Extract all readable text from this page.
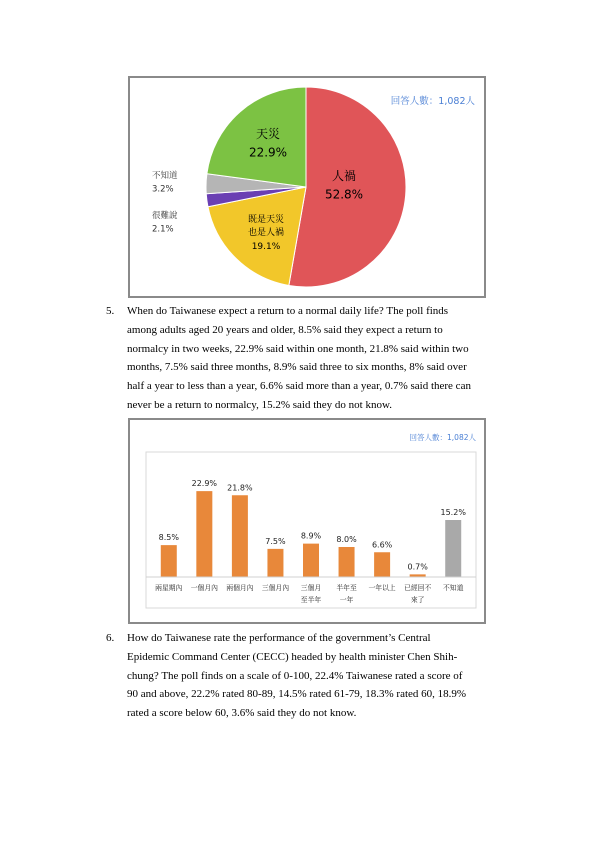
回答人數：1,082人
人禍
52.8%
既是天災
也是人禍
19.1%
很難說
2.1%
不知道
3.2%
天災
22.9%
5. When do Taiwanese expect a return to a normal daily life? The poll finds
among adults aged 20 years and older, 8.5% said they expect a return to
normalcy in two weeks, 22.9% said within one month, 21.8% said within two
months, 7.5% said three months, 8.9% said three to six months, 8% said over
half a year to less than a year, 6.6% said more than a year, 0.7% said there can
never be a return to normalcy, 15.2% said they do not know.
回答人數：1,082人
8.5%
兩星期內
22.9%
一個月內
21.8%
兩個月內
7.5%
三個月內
8.9%
三個月
至半年
8.0%
半年至
一年
6.6%
一年以上
0.7%
已經回不
來了
15.2%
不知道
6. How do Taiwanese rate the performance of the government’s Central
Epidemic Command Center (CECC) headed by health minister Chen Shih-
chung? The poll finds on a scale of 0-100, 22.4% Taiwanese rated a score of
90 and above, 22.2% rated 80-89, 14.5% rated 61-79, 18.3% rated 60, 18.9%
rated a score below 60, 3.6% said they do not know.
